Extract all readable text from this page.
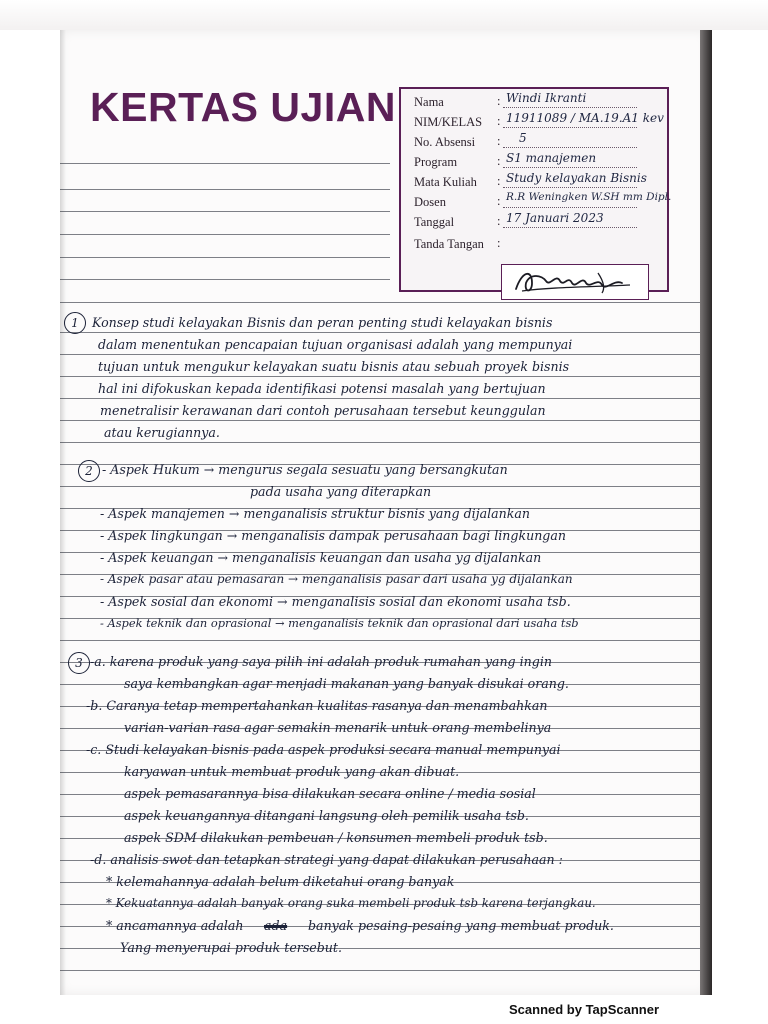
KERTAS UJIAN Nama	: Windi Ikranti
NIM/KELAS : 11911089 / MA.19.A1 kev
No. Absensi : 5
Program	: S1 manajemen
Mata Kuliah : Study kelayakan Bisnis
Dosen	: R.R Weningken W.SH mm Dipl.
Tanggal	: 17 Januari 2023
Tanda Tangan :
1	Konsep studi kelayakan Bisnis dan peran penting studi kelayakan bisnis
dalam menentukan pencapaian tujuan organisasi adalah yang mempunyai
tujuan untuk mengukur kelayakan suatu bisnis atau sebuah proyek bisnis
hal ini difokuskan kepada identifikasi potensi masalah yang bertujuan
menetralisir kerawanan dari contoh perusahaan tersebut keunggulan
atau kerugiannya.
2 - Aspek Hukum → mengurus segala sesuatu yang bersangkutan
pada usaha yang diterapkan
- Aspek manajemen → menganalisis struktur bisnis yang dijalankan
- Aspek lingkungan → menganalisis dampak perusahaan bagi lingkungan
- Aspek keuangan → menganalisis keuangan dan usaha yg dijalankan
- Aspek pasar atau pemasaran → menganalisis pasar dari usaha yg dijalankan
- Aspek sosial dan ekonomi → menganalisis sosial dan ekonomi usaha tsb.
- Aspek teknik dan oprasional → menganalisis teknik dan oprasional dari usaha tsb
3 -a. karena produk yang saya pilih ini adalah produk rumahan yang ingin
saya kembangkan agar menjadi makanan yang banyak disukai orang.
-b. Caranya tetap mempertahankan kualitas rasanya dan menambahkan
varian-varian rasa agar semakin menarik untuk orang membelinya
-c. Studi kelayakan bisnis pada aspek produksi secara manual mempunyai
karyawan untuk membuat produk yang akan dibuat.
aspek pemasarannya bisa dilakukan secara online / media sosial
aspek keuangannya ditangani langsung oleh pemilik usaha tsb.
aspek SDM dilakukan pembeuan / konsumen membeli produk tsb.
-d. analisis swot dan tetapkan strategi yang dapat dilakukan perusahaan :
* kelemahannya adalah belum diketahui orang banyak
* Kekuatannya adalah banyak orang suka membeli produk tsb karena terjangkau.
* ancamannya adalah ada banyak pesaing-pesaing yang membuat produk.
Yang menyerupai produk tersebut.
Scanned by TapScanner
